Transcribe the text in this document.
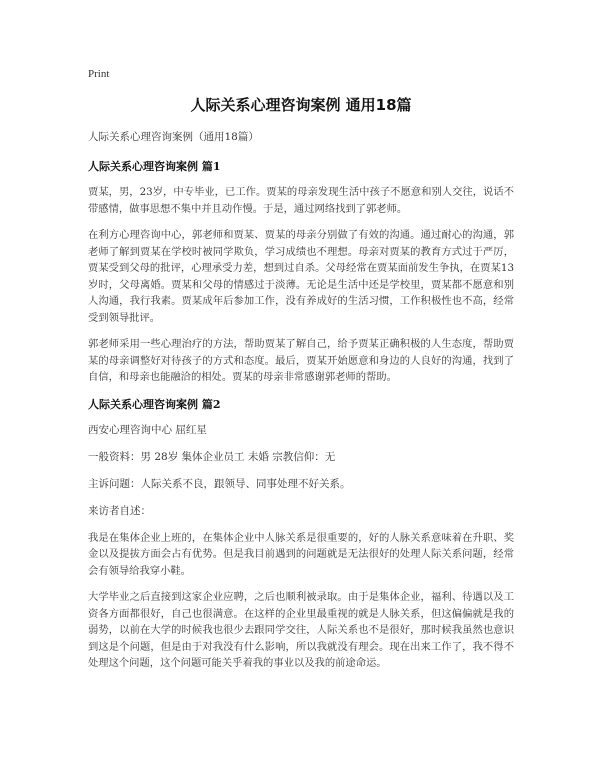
Print
人际关系心理咨询案例 通用18篇
人际关系心理咨询案例（通用18篇）
人际关系心理咨询案例 篇1

贾某，男，23岁，中专毕业，已工作。贾某的母亲发现生活中孩子不愿意和别人交往，说话不带感情，做事思想不集中并且动作慢。于是，通过网络找到了郭老师。

在利方心理咨询中心，郭老师和贾某、贾某的母亲分别做了有效的沟通。通过耐心的沟通，郭老师了解到贾某在学校时被同学欺负，学习成绩也不理想。母亲对贾某的教育方式过于严厉，贾某受到父母的批评，心理承受力差，想到过自杀。父母经常在贾某面前发生争执，在贾某13岁时，父母离婚。贾某和父母的情感过于淡薄。无论是生活中还是学校里，贾某都不愿意和别人沟通，我行我素。贾某成年后参加工作，没有养成好的生活习惯，工作积极性也不高，经常受到领导批评。

郭老师采用一些心理治疗的方法，帮助贾某了解自己，给予贾某正确积极的人生态度，帮助贾某的母亲调整好对待孩子的方式和态度。最后，贾某开始愿意和身边的人良好的沟通，找到了自信，和母亲也能融洽的相处。贾某的母亲非常感谢郭老师的帮助。

人际关系心理咨询案例 篇2
西安心理咨询中心 屈红星
一般资料：男 28岁 集体企业员工 未婚 宗教信仰：无
主诉问题：人际关系不良，跟领导、同事处理不好关系。
来访者自述：

我是在集体企业上班的，在集体企业中人脉关系是很重要的，好的人脉关系意味着在升职、奖金以及提拔方面会占有优势。但是我目前遇到的问题就是无法很好的处理人际关系问题，经常会有领导给我穿小鞋。

大学毕业之后直接到这家企业应聘，之后也顺利被录取。由于是集体企业，福利、待遇以及工资各方面都很好，自己也很满意。在这样的企业里最重视的就是人脉关系，但这偏偏就是我的弱势，以前在大学的时候我也很少去跟同学交往，人际关系也不是很好，那时候我虽然也意识到这是个问题，但是由于对我没有什么影响，所以我就没有理会。现在出来工作了，我不得不处理这个问题，这个问题可能关乎着我的事业以及我的前途命运。
